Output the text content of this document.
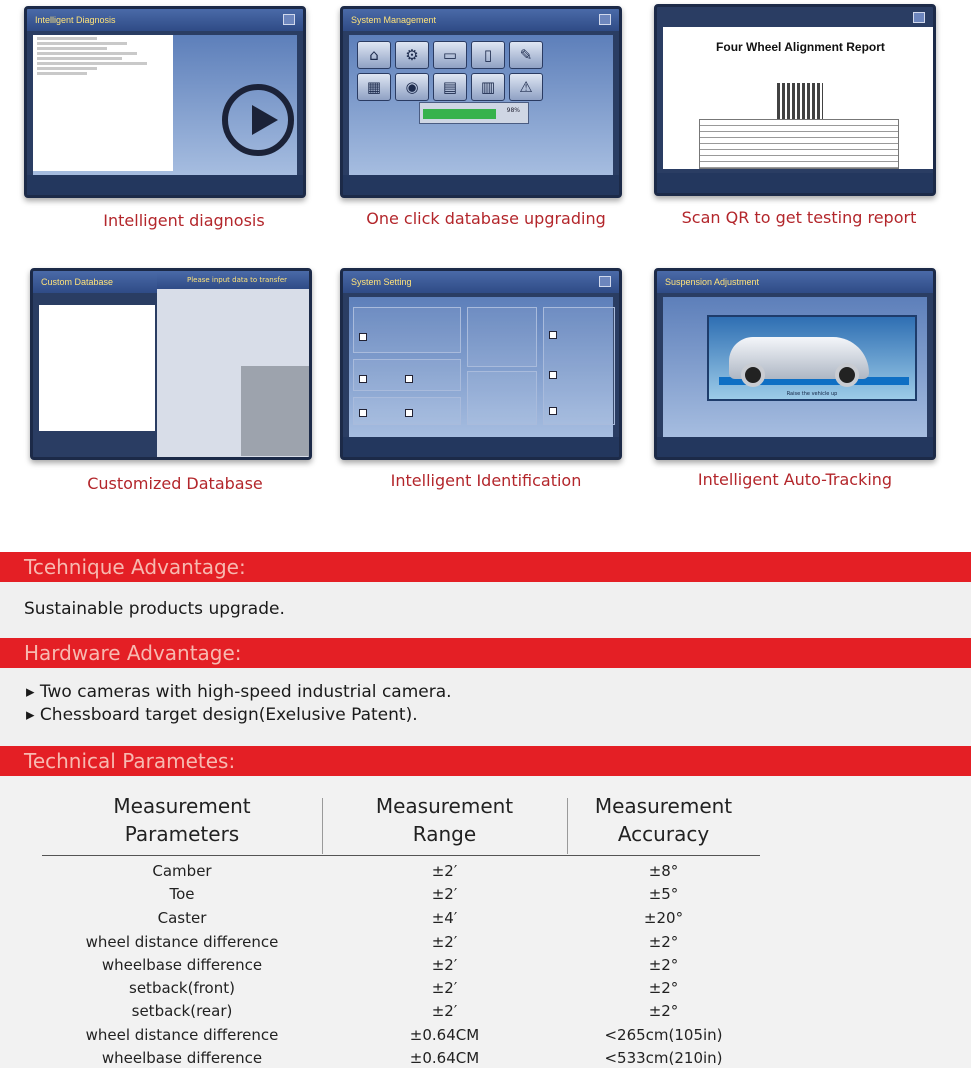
Intelligent Diagnosis
Intelligent diagnosis
System Management
⌂ ⚙ ▭ ▯ ✎ ▦ ◉ ▤ ▥ ⚠
98%
One click database upgrading
Four Wheel Alignment Report
Scan QR to get testing report
Custom Database	Please input data to transfer
Customized Database
System Setting
Intelligent Identification
Suspension Adjustment
Raise the vehicle up
Intelligent Auto-Tracking
Tcehnique Advantage:
Sustainable products upgrade.
Hardware Advantage:
▸ Two cameras with high-speed industrial camera.
▸ Chessboard target design(Exelusive Patent).
Technical Parametes:
Measurement
Parameters
Measurement
Range
Measurement
Accuracy
Camber	±2′	±8°
Toe	±2′	±5°
Caster	±4′	±20°
wheel distance difference	±2′	±2°
wheelbase difference	±2′	±2°
setback(front)	±2′	±2°
setback(rear)	±2′	±2°
wheel distance difference	±0.64CM	<265cm(105in)
wheelbase difference	±0.64CM	<533cm(210in)
